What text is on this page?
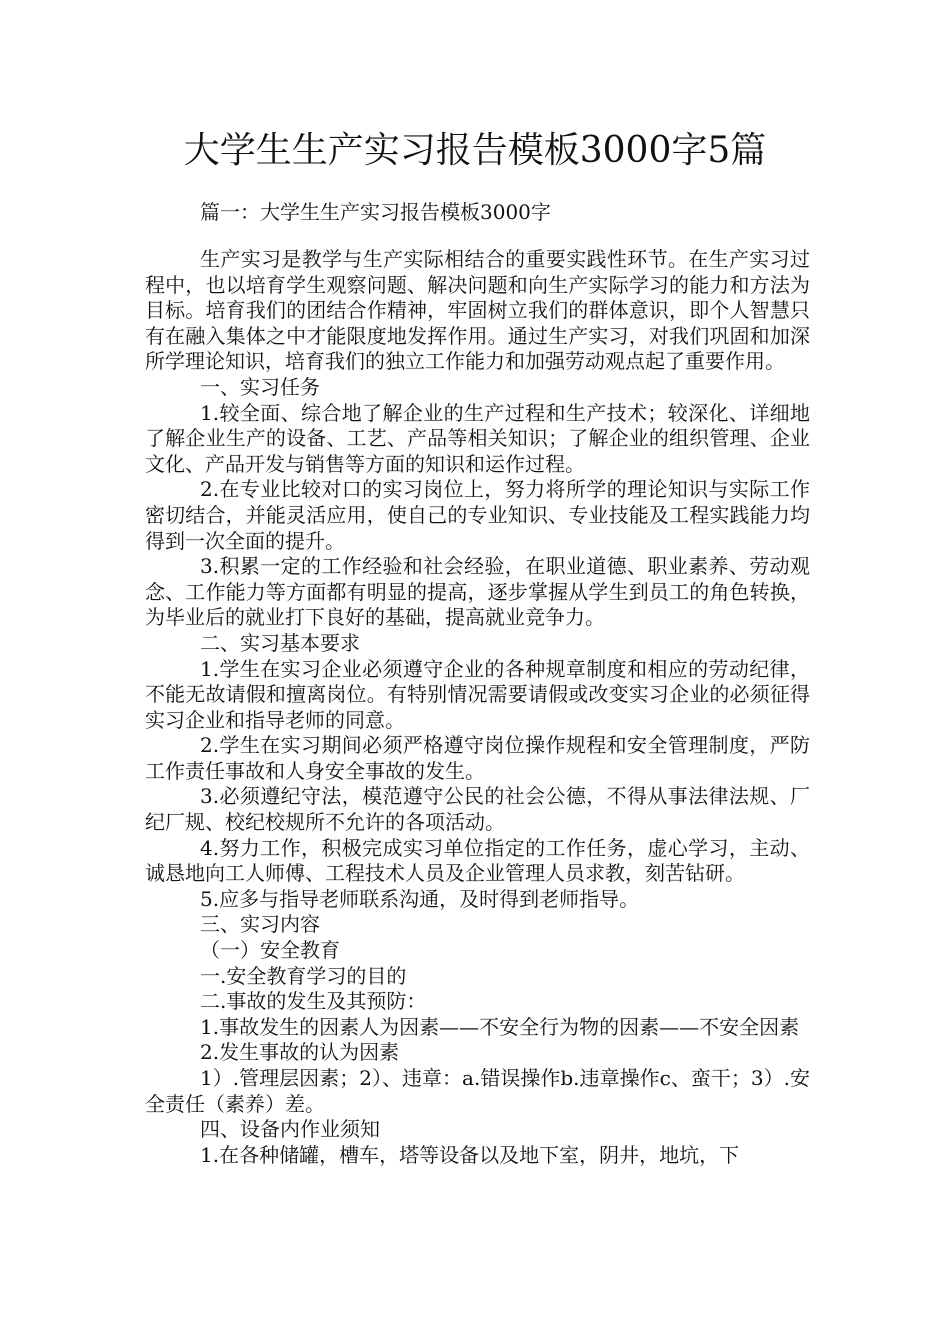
大学生生产实习报告模板3000字5篇
篇一：大学生生产实习报告模板3000字

生产实习是教学与生产实际相结合的重要实践性环节。在生产实习过程中，也以培育学生观察问题、解决问题和向生产实际学习的能力和方法为目标。培育我们的团结合作精神，牢固树立我们的群体意识，即个人智慧只有在融入集体之中才能限度地发挥作用。通过生产实习，对我们巩固和加深所学理论知识，培育我们的独立工作能力和加强劳动观点起了重要作用。

一、实习任务

1.较全面、综合地了解企业的生产过程和生产技术；较深化、详细地了解企业生产的设备、工艺、产品等相关知识；了解企业的组织管理、企业文化、产品开发与销售等方面的知识和运作过程。

2.在专业比较对口的实习岗位上，努力将所学的理论知识与实际工作密切结合，并能灵活应用，使自己的专业知识、专业技能及工程实践能力均得到一次全面的提升。

3.积累一定的工作经验和社会经验，在职业道德、职业素养、劳动观念、工作能力等方面都有明显的提高，逐步掌握从学生到员工的角色转换，为毕业后的就业打下良好的基础，提高就业竞争力。

二、实习基本要求

1.学生在实习企业必须遵守企业的各种规章制度和相应的劳动纪律，不能无故请假和擅离岗位。有特别情况需要请假或改变实习企业的必须征得实习企业和指导老师的同意。

2.学生在实习期间必须严格遵守岗位操作规程和安全管理制度，严防工作责任事故和人身安全事故的发生。

3.必须遵纪守法，模范遵守公民的社会公德，不得从事法律法规、厂纪厂规、校纪校规所不允许的各项活动。

4.努力工作，积极完成实习单位指定的工作任务，虚心学习，主动、诚恳地向工人师傅、工程技术人员及企业管理人员求教，刻苦钻研。

5.应多与指导老师联系沟通，及时得到老师指导。

三、实习内容

（一）安全教育

一.安全教育学习的目的

二.事故的发生及其预防：

1.事故发生的因素人为因素——不安全行为物的因素——不安全因素

2.发生事故的认为因素

1）.管理层因素；2）、违章：a.错误操作b.违章操作c、蛮干；3）.安全责任（素养）差。

四、设备内作业须知

1.在各种储罐，槽车，塔等设备以及地下室，阴井，地坑，下
